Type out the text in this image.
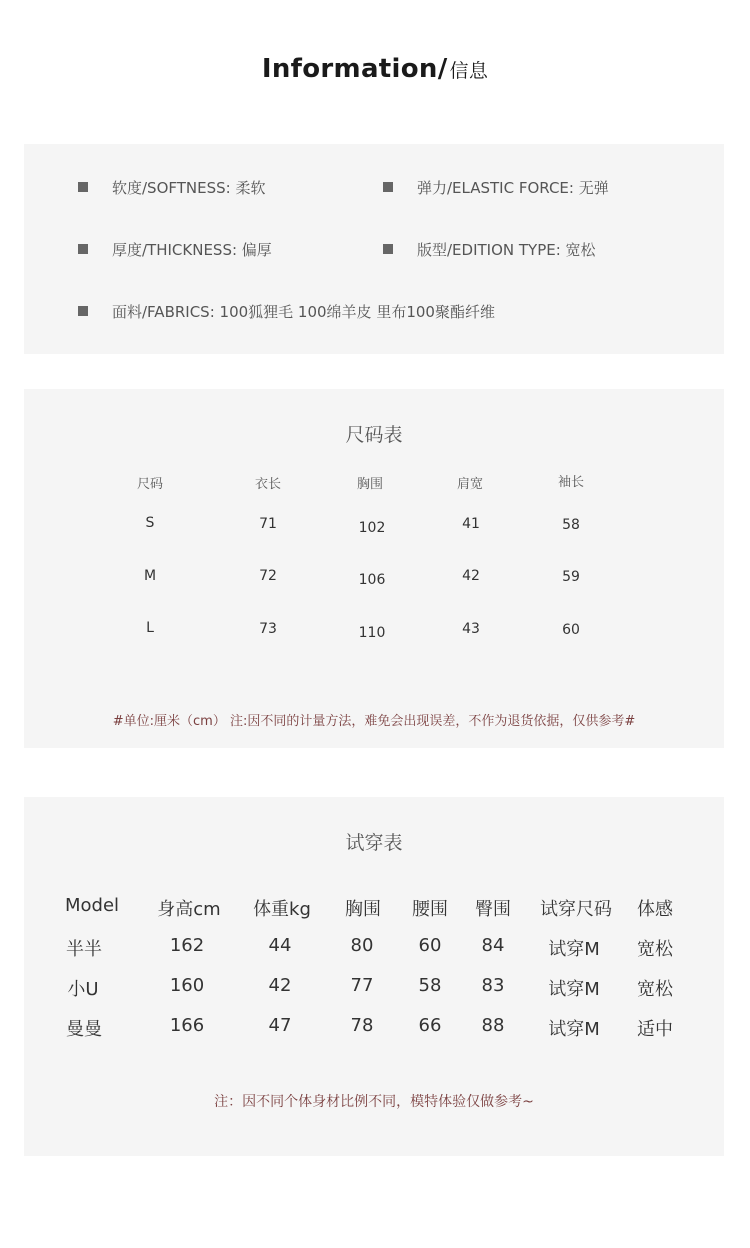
Information/ 信息
软度/SOFTNESS: 柔软	弹力/ELASTIC FORCE: 无弹
厚度/THICKNESS: 偏厚	版型/EDITION TYPE: 宽松
面料/FABRICS: 100狐狸毛 100绵羊皮 里布100聚酯纤维
尺码表
尺码	衣长	胸围	肩宽	袖长
S	71	102	41	58
M	72	106	42	59
L	73	110	43	60
#单位:厘米（cm） 注:因不同的计量方法，难免会出现误差，不作为退货依据，仅供参考#
试穿表
Model	身高cm	体重kg	胸围	腰围	臀围	试穿尺码	体感
半半	162	44	80	60	84	试穿M	宽松
小U	160	42	77	58	83	试穿M	宽松
曼曼	166	47	78	66	88	试穿M	适中
注：因不同个体身材比例不同，模特体验仅做参考~
